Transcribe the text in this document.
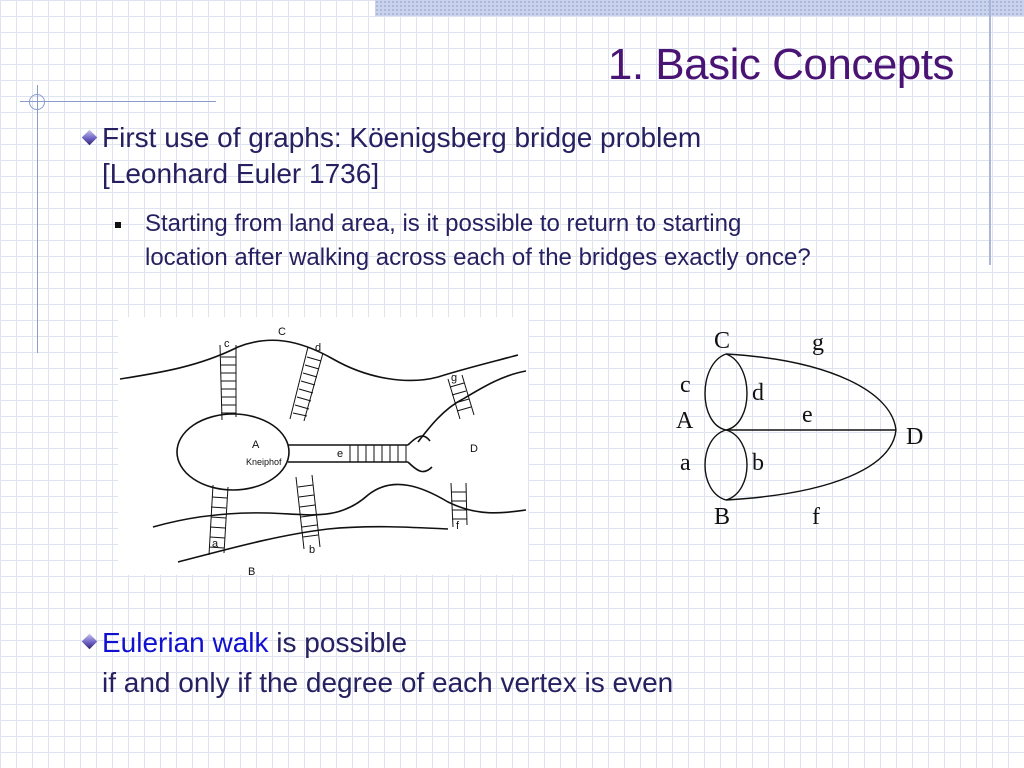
1. Basic Concepts
First use of graphs: Köenigsberg bridge problem
[Leonhard Euler 1736]
Starting from land area, is it possible to return to starting
location after walking across each of the bridges exactly once?
C
c	d
g
A
Kneiphof
e	D
a	b
f
B
C	g
c	d
e
A
D
a	b
B	f
Eulerian walk is possible
if and only if the degree of each vertex is even
